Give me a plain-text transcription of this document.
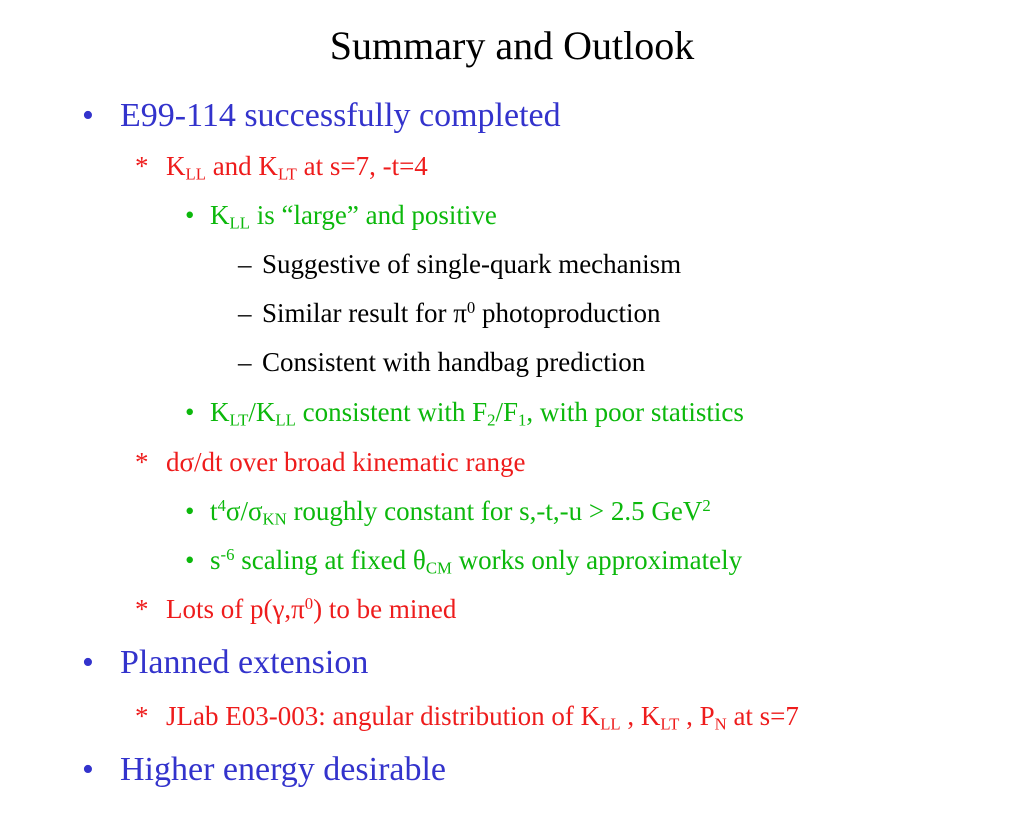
Summary and Outlook
• E99-114 successfully completed
* $K_{LL}$ and $K_{LT}$ at s=7, -t=4
• $K_{LL}$ is “large” and positive
– Suggestive of single-quark mechanism
– Similar result for $\pi^0$ photoproduction
– Consistent with handbag prediction
• $K_{LT}/K_{LL}$ consistent with $F_2/F_1$, with poor statistics
* dσ/dt over broad kinematic range
• $t^4\sigma/\sigma_{KN}$ roughly constant for s,-t,-u > 2.5 GeV$^2$
• $s^{-6}$ scaling at fixed $\theta_{CM}$ works only approximately
* Lots of $p(\gamma,\pi^0)$ to be mined
• Planned extension
* JLab E03-003: angular distribution of $K_{LL}$ , $K_{LT}$ , $P_N$ at s=7
• Higher energy desirable
